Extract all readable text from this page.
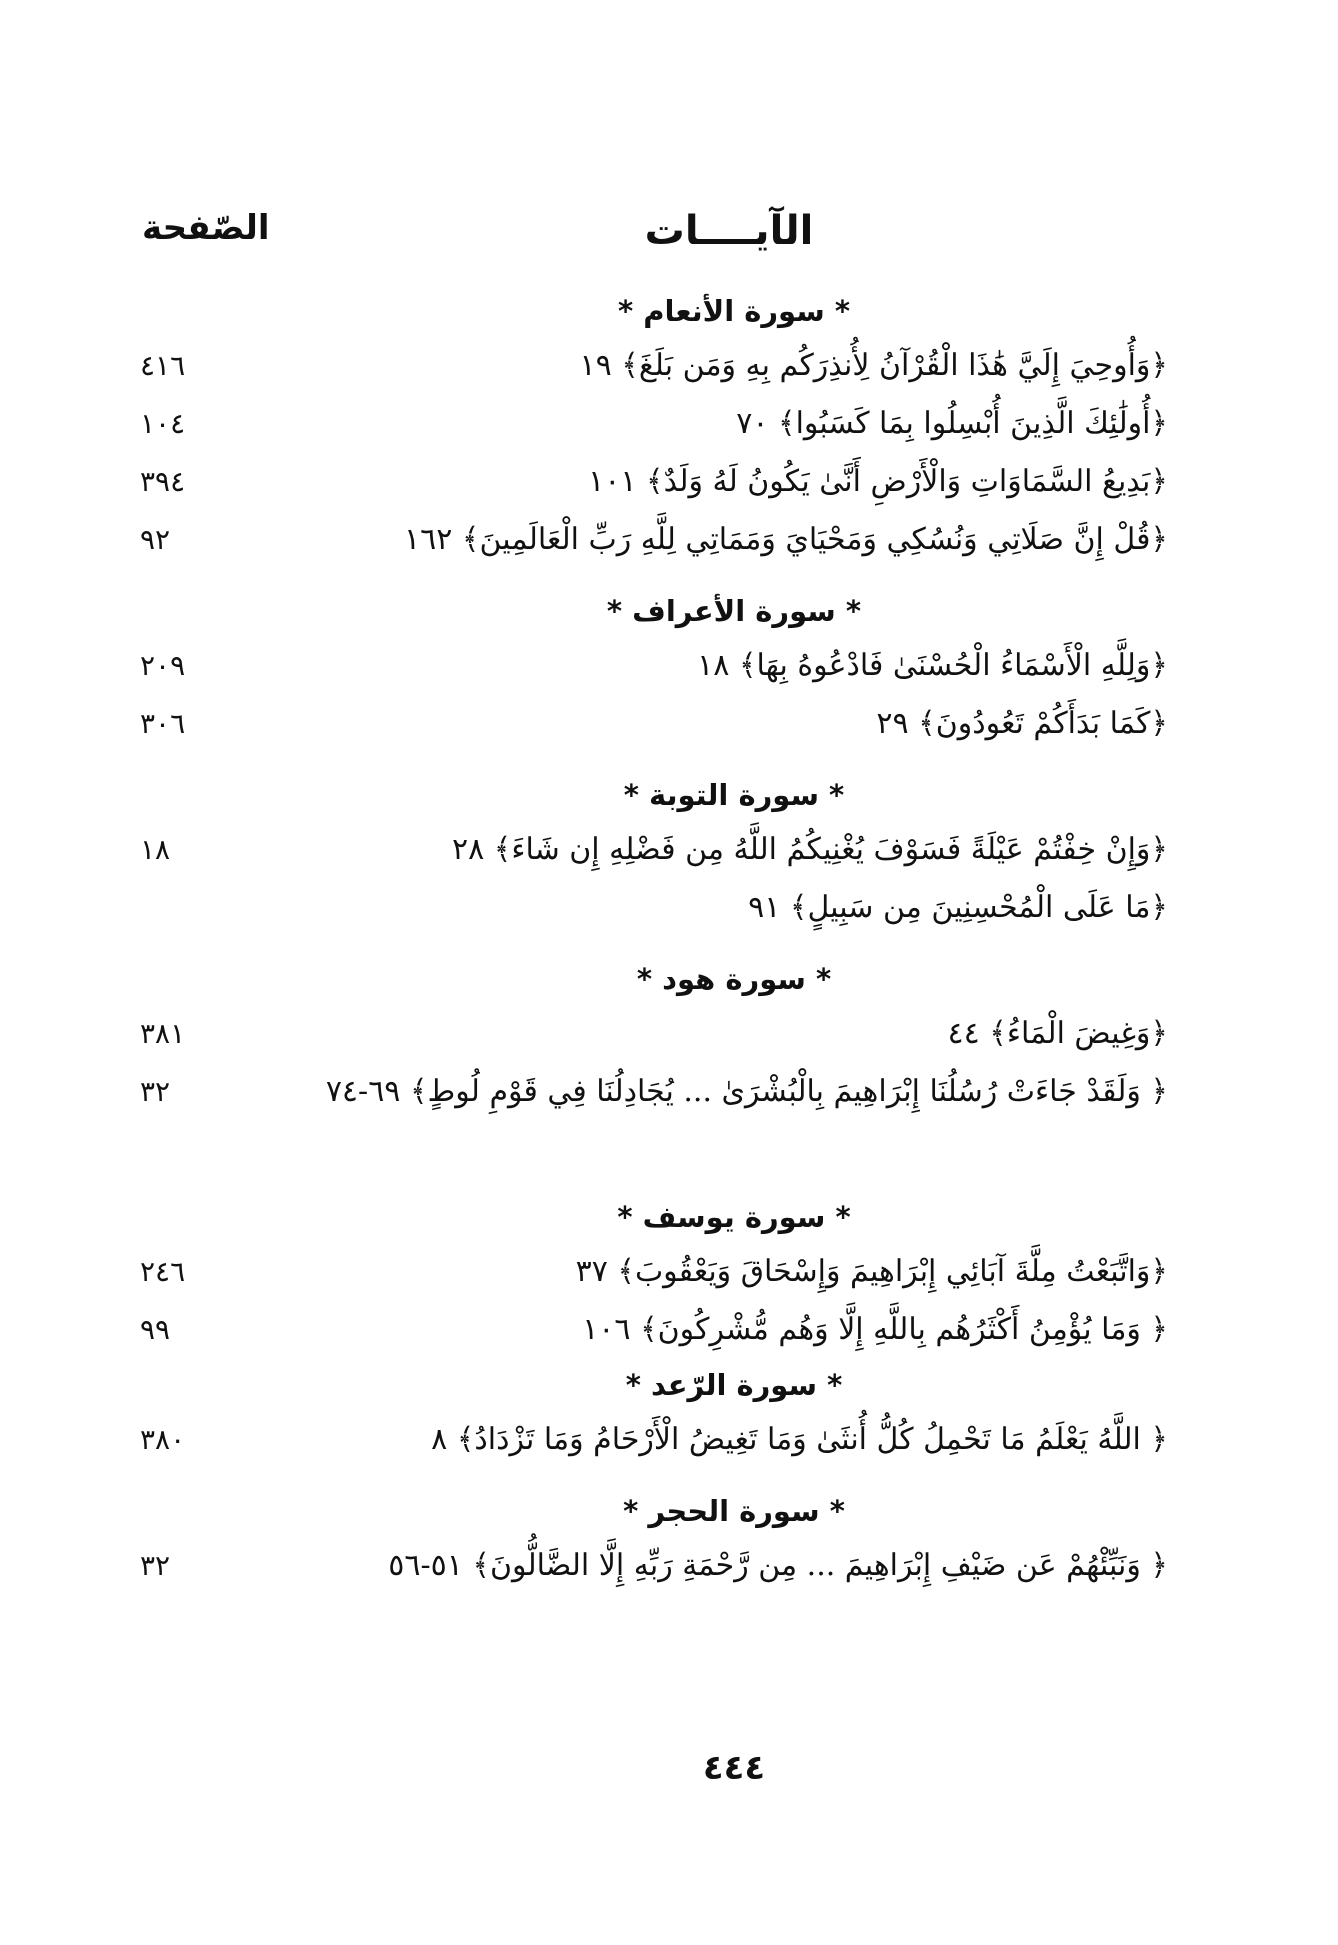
الآيــــات
الصّفحة
* سورة الأنعام *
﴿وَأُوحِيَ إِلَيَّ هَٰذَا الْقُرْآنُ لِأُنذِرَكُم بِهِ وَمَن بَلَغَ﴾ ١٩
٤١٦
﴿أُولَٰئِكَ الَّذِينَ أُبْسِلُوا بِمَا كَسَبُوا﴾ ٧٠
١٠٤
﴿بَدِيعُ السَّمَاوَاتِ وَالْأَرْضِ أَنَّىٰ يَكُونُ لَهُ وَلَدٌ﴾ ١٠١
٣٩٤
﴿قُلْ إِنَّ صَلَاتِي وَنُسُكِي وَمَحْيَايَ وَمَمَاتِي لِلَّهِ رَبِّ الْعَالَمِينَ﴾ ١٦٢
٩٢
* سورة الأعراف *
﴿وَلِلَّهِ الْأَسْمَاءُ الْحُسْنَىٰ فَادْعُوهُ بِهَا﴾ ١٨
٢٠٩
﴿كَمَا بَدَأَكُمْ تَعُودُونَ﴾ ٢٩
٣٠٦
* سورة التوبة *
﴿وَإِنْ خِفْتُمْ عَيْلَةً فَسَوْفَ يُغْنِيكُمُ اللَّهُ مِن فَضْلِهِ إِن شَاءَ﴾ ٢٨
١٨
﴿مَا عَلَى الْمُحْسِنِينَ مِن سَبِيلٍ﴾ ٩١
* سورة هود *
﴿وَغِيضَ الْمَاءُ﴾ ٤٤
٣٨١
﴿ وَلَقَدْ جَاءَتْ رُسُلُنَا إِبْرَاهِيمَ بِالْبُشْرَىٰ ... يُجَادِلُنَا فِي قَوْمِ لُوطٍ﴾ ٦٩-٧٤
٣٢
* سورة يوسف *
﴿وَاتَّبَعْتُ مِلَّةَ آبَائِي إِبْرَاهِيمَ وَإِسْحَاقَ وَيَعْقُوبَ﴾ ٣٧
٢٤٦
﴿ وَمَا يُؤْمِنُ أَكْثَرُهُم بِاللَّهِ إِلَّا وَهُم مُّشْرِكُونَ﴾ ١٠٦
٩٩
* سورة الرّعد *
﴿ اللَّهُ يَعْلَمُ مَا تَحْمِلُ كُلُّ أُنثَىٰ وَمَا تَغِيضُ الْأَرْحَامُ وَمَا تَزْدَادُ﴾ ٨
٣٨٠
* سورة الحجر *
﴿ وَنَبِّئْهُمْ عَن ضَيْفِ إِبْرَاهِيمَ ... مِن رَّحْمَةِ رَبِّهِ إِلَّا الضَّالُّونَ﴾ ٥١-٥٦
٣٢
٤٤٤
